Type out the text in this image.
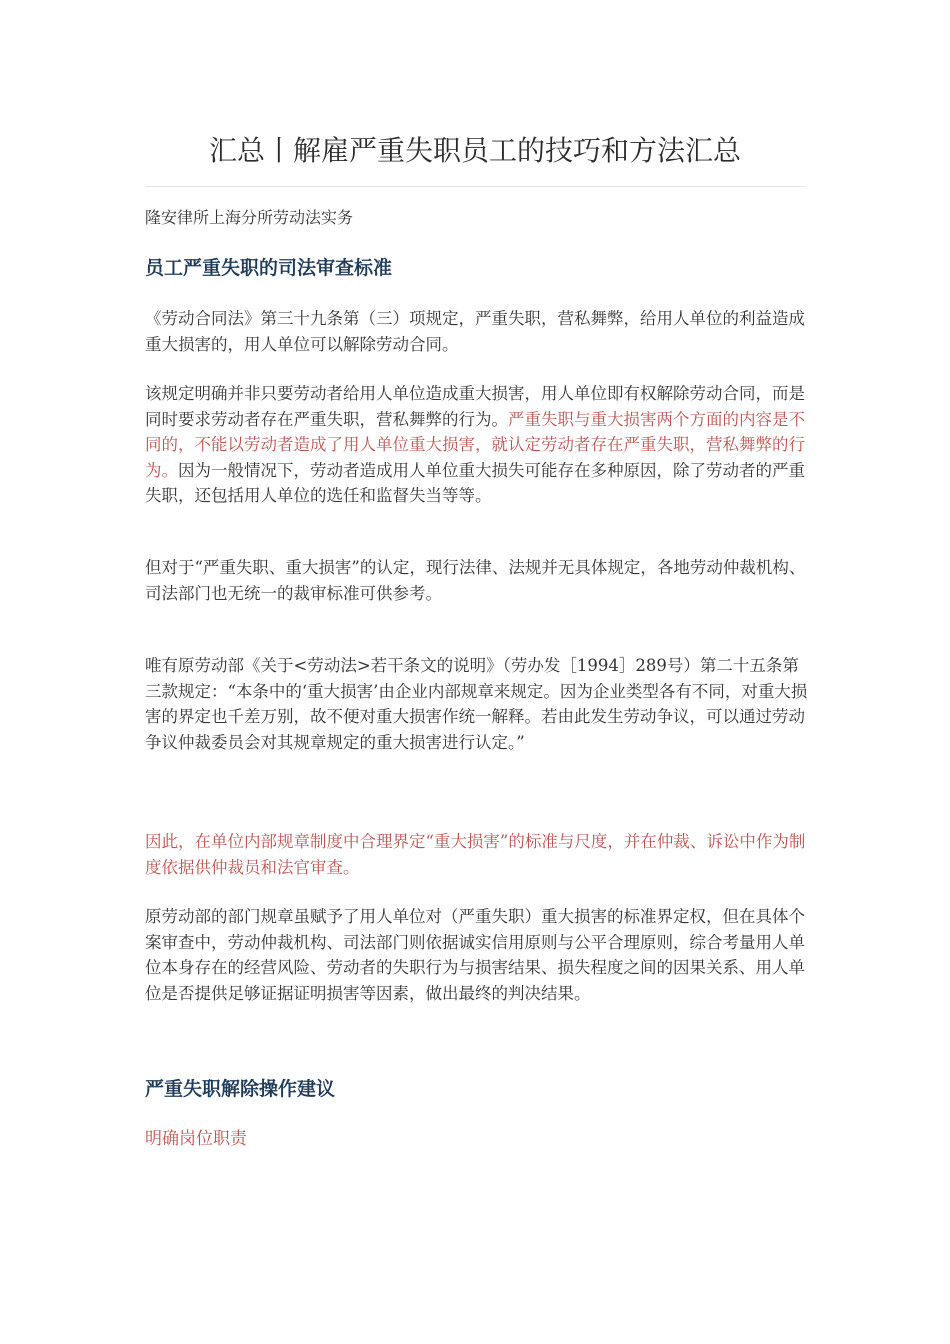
汇总丨解雇严重失职员工的技巧和方法汇总

隆安律所上海分所劳动法实务

员工严重失职的司法审查标准

《劳动合同法》第三十九条第（三）项规定，严重失职，营私舞弊，给用人单位的利益造成重大损害的，用人单位可以解除劳动合同。

该规定明确并非只要劳动者给用人单位造成重大损害，用人单位即有权解除劳动合同，而是同时要求劳动者存在严重失职，营私舞弊的行为。严重失职与重大损害两个方面的内容是不同的，不能以劳动者造成了用人单位重大损害，就认定劳动者存在严重失职，营私舞弊的行为。因为一般情况下，劳动者造成用人单位重大损失可能存在多种原因，除了劳动者的严重失职，还包括用人单位的选任和监督失当等等。

但对于“严重失职、重大损害”的认定，现行法律、法规并无具体规定，各地劳动仲裁机构、司法部门也无统一的裁审标准可供参考。

唯有原劳动部《关于<劳动法>若干条文的说明》（劳办发［1994］289号）第二十五条第三款规定：“本条中的‘重大损害’由企业内部规章来规定。因为企业类型各有不同，对重大损害的界定也千差万别，故不便对重大损害作统一解释。若由此发生劳动争议，可以通过劳动争议仲裁委员会对其规章规定的重大损害进行认定。”

因此，在单位内部规章制度中合理界定“重大损害”的标准与尺度，并在仲裁、诉讼中作为制度依据供仲裁员和法官审查。

原劳动部的部门规章虽赋予了用人单位对（严重失职）重大损害的标准界定权，但在具体个案审查中，劳动仲裁机构、司法部门则依据诚实信用原则与公平合理原则，综合考量用人单位本身存在的经营风险、劳动者的失职行为与损害结果、损失程度之间的因果关系、用人单位是否提供足够证据证明损害等因素，做出最终的判决结果。

严重失职解除操作建议

明确岗位职责
